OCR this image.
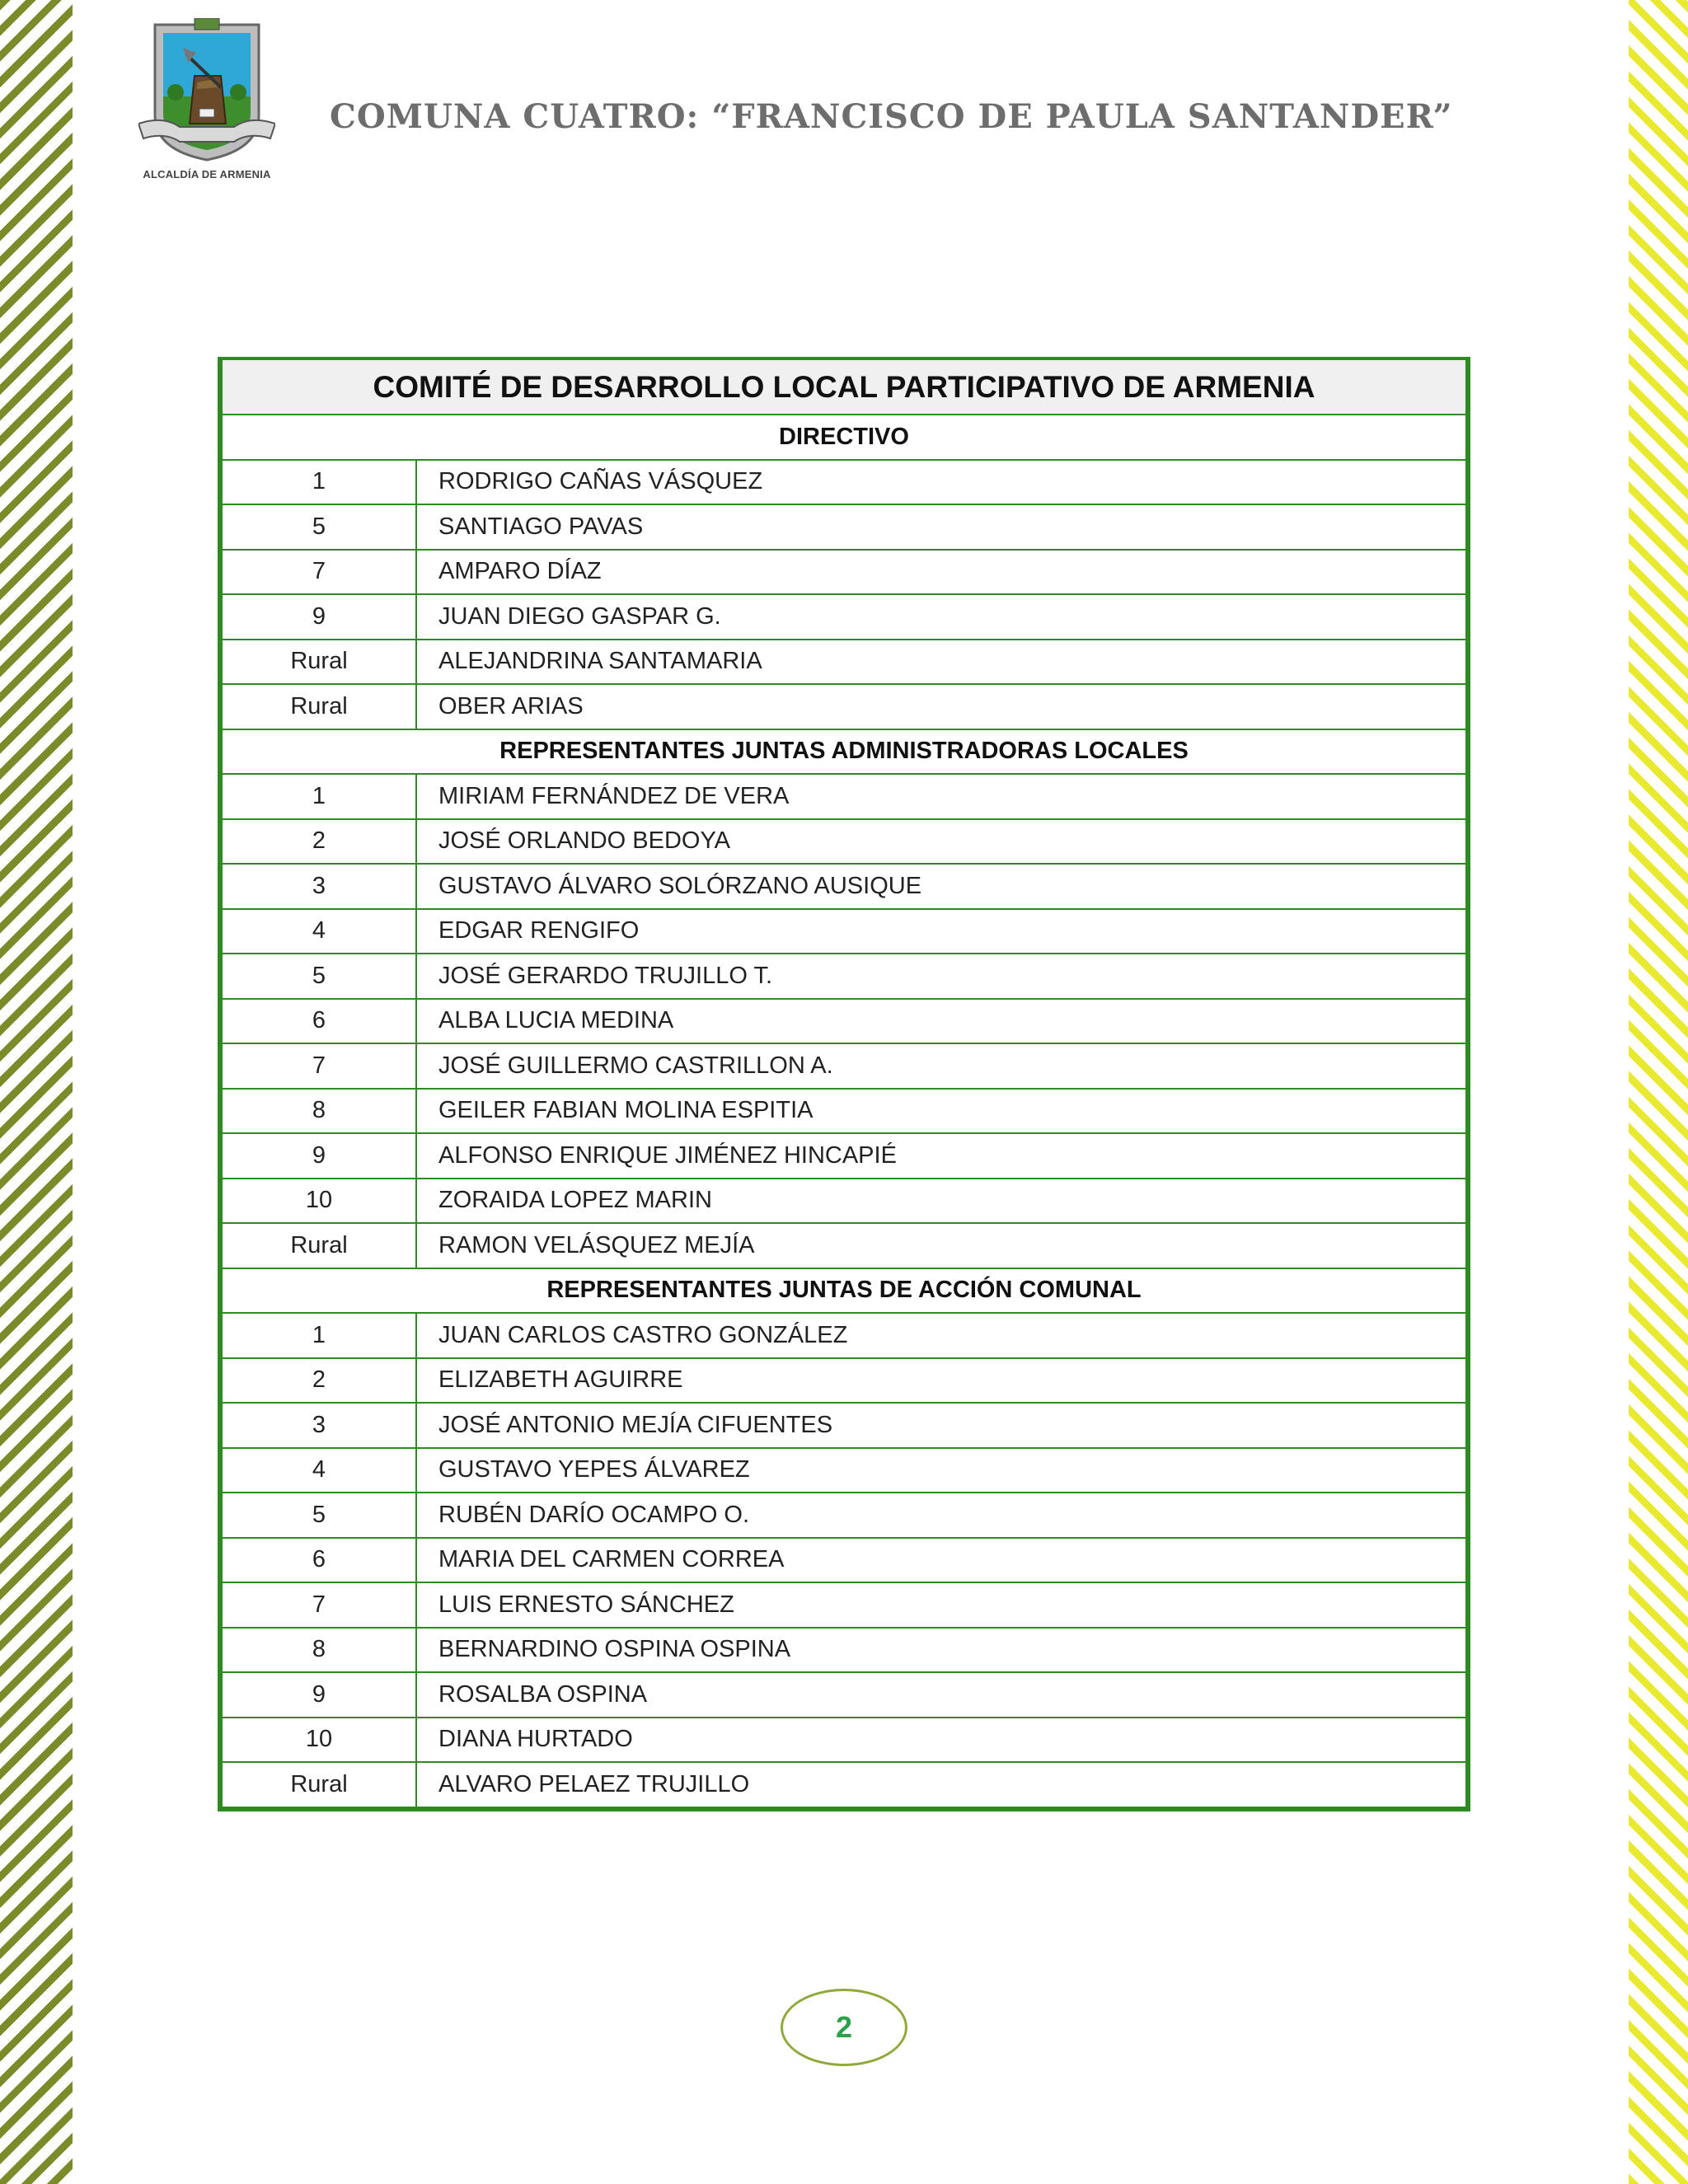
ALCALDÍA DE ARMENIA
COMUNA CUATRO: “FRANCISCO DE PAULA SANTANDER”
COMITÉ DE DESARROLLO LOCAL PARTICIPATIVO DE ARMENIA	
DIRECTIVO	
1	RODRIGO CAÑAS VÁSQUEZ
5	SANTIAGO PAVAS
7	AMPARO DÍAZ
9	JUAN DIEGO GASPAR G.
Rural	ALEJANDRINA SANTAMARIA
Rural	OBER ARIAS
REPRESENTANTES JUNTAS ADMINISTRADORAS LOCALES	
1	MIRIAM FERNÁNDEZ DE VERA
2	JOSÉ ORLANDO BEDOYA
3	GUSTAVO ÁLVARO SOLÓRZANO AUSIQUE
4	EDGAR RENGIFO
5	JOSÉ GERARDO TRUJILLO T.
6	ALBA LUCIA MEDINA
7	JOSÉ GUILLERMO CASTRILLON A.
8	GEILER FABIAN MOLINA ESPITIA
9	ALFONSO ENRIQUE JIMÉNEZ HINCAPIÉ
10	ZORAIDA LOPEZ MARIN
Rural	RAMON VELÁSQUEZ MEJÍA
REPRESENTANTES JUNTAS DE ACCIÓN COMUNAL	
1	JUAN CARLOS CASTRO GONZÁLEZ
2	ELIZABETH AGUIRRE
3	JOSÉ ANTONIO MEJÍA CIFUENTES
4	GUSTAVO YEPES ÁLVAREZ
5	RUBÉN DARÍO OCAMPO O.
6	MARIA DEL CARMEN CORREA
7	LUIS ERNESTO SÁNCHEZ
8	BERNARDINO OSPINA OSPINA
9	ROSALBA OSPINA
10	DIANA HURTADO
Rural	ALVARO PELAEZ TRUJILLO
2
